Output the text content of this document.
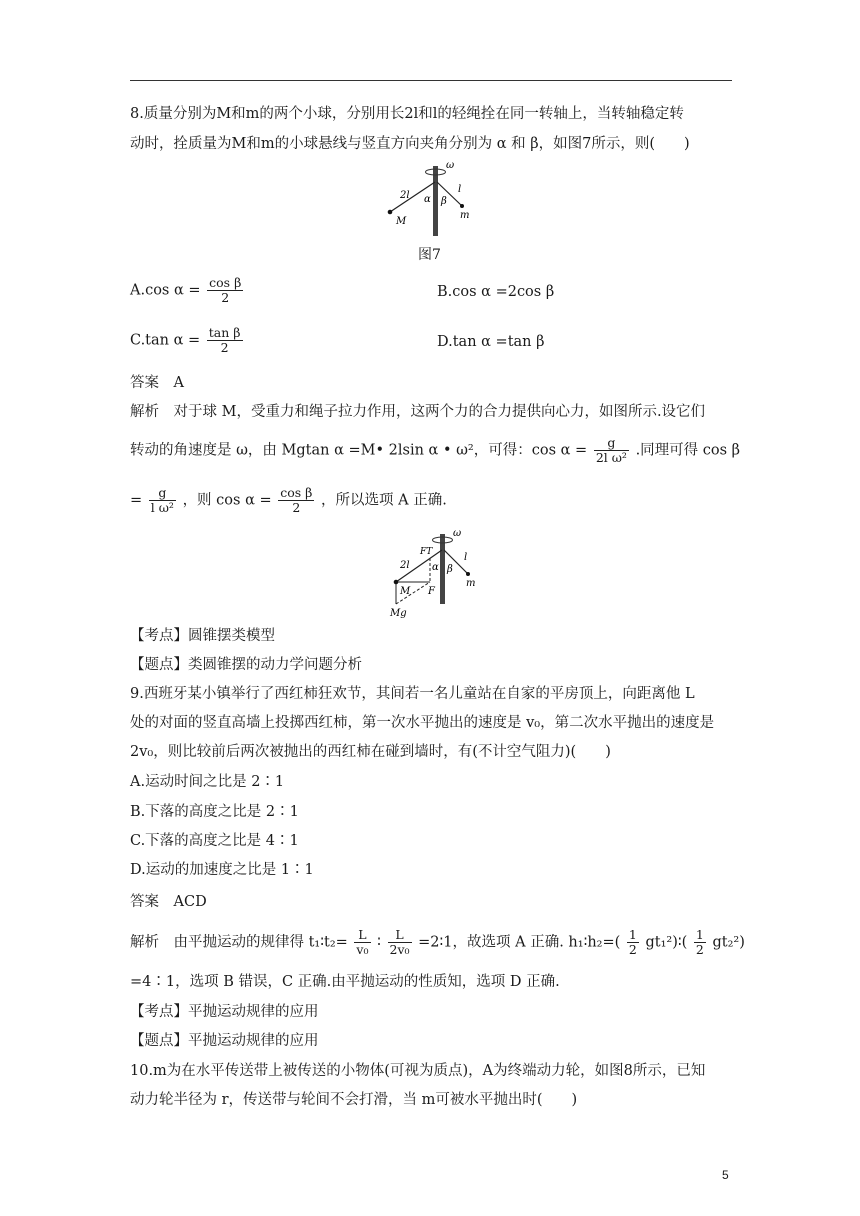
8.质量分别为M和m的两个小球，分别用长2l和l的轻绳拴在同一转轴上，当转轴稳定转
动时，拴质量为M和m的小球悬线与竖直方向夹角分别为 α 和 β，如图7所示，则(　　)
ω
2l
l
α β
M
m
图7
A.cos $\alpha = \frac{\text{cos β}}{2}$	B.cos α =2cos β
C.tan $\alpha = \frac{\text{tan β}}{2}$	D.tan α =tan β
答案　A
解析　对于球 M，受重力和绳子拉力作用，这两个力的合力提供向心力，如图所示.设它们
转动的角速度是 ω，由 Mgtan α =M• 2lsin α • ω²，可得：$\cos \alpha = \frac{g}{\text{2l ω²}}$ .同理可得 cos β
= $\frac{g}{\text{l ω²}}$ ，则 $\cos \alpha = \frac{\text{cos β}}{2}$ ，所以选项 A 正确.
ω
FT
2l
l
α β
M F
m
Mg
【考点】圆锥摆类模型
【题点】类圆锥摆的动力学问题分析
9.西班牙某小镇举行了西红柿狂欢节，其间若一名儿童站在自家的平房顶上，向距离他 L
处的对面的竖直高墙上投掷西红柿，第一次水平抛出的速度是 v₀，第二次水平抛出的速度是
2v₀，则比较前后两次被抛出的西红柿在碰到墙时，有(不计空气阻力)(　　)
A.运动时间之比是 2∶1
B.下落的高度之比是 2∶1
C.下落的高度之比是 4∶1
D.运动的加速度之比是 1∶1
答案　ACD
解析　由平抛运动的规律得 t₁∶t₂= $\frac{L}{\text{v₀}}$ ∶ $\frac{L}{\text{2v₀}}$ =2∶1，故选项 A 正确. h₁∶h₂=( $\frac{1}{2}$ gt₁²)∶( $\frac{1}{2} gt_2^2$)
=4∶1，选项 B 错误，C 正确.由平抛运动的性质知，选项 D 正确.
【考点】平抛运动规律的应用
【题点】平抛运动规律的应用
10.m为在水平传送带上被传送的小物体(可视为质点)，A为终端动力轮，如图8所示，已知
动力轮半径为 r，传送带与轮间不会打滑，当 m可被水平抛出时(　　)
5
